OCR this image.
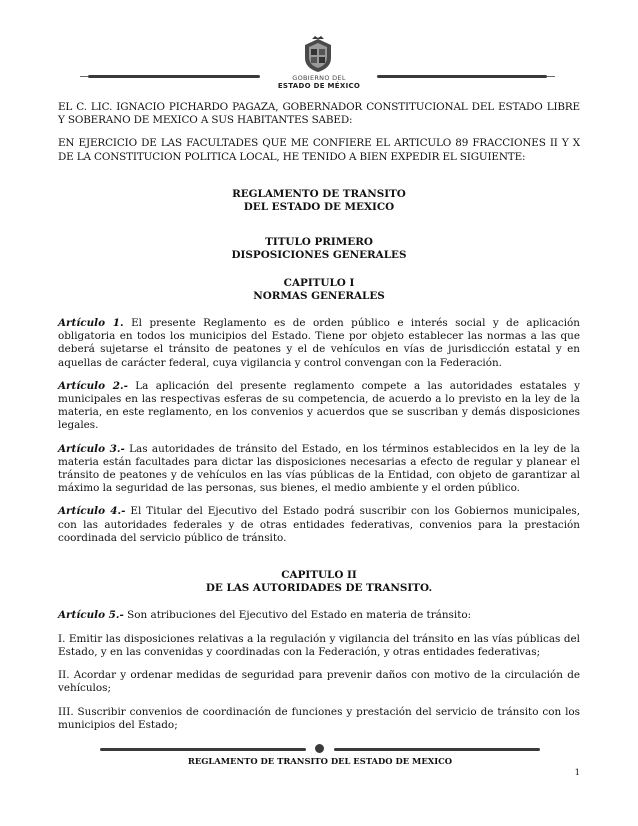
GOBIERNO DEL
ESTADO DE MÉXICO

EL C. LIC. IGNACIO PICHARDO PAGAZA, GOBERNADOR CONSTITUCIONAL DEL ESTADO LIBRE Y SOBERANO DE MEXICO A SUS HABITANTES SABED:

EN EJERCICIO DE LAS FACULTADES QUE ME CONFIERE EL ARTICULO 89 FRACCIONES II Y X DE LA CONSTITUCION POLITICA LOCAL, HE TENIDO A BIEN EXPEDIR EL SIGUIENTE:

REGLAMENTO DE TRANSITO

DEL ESTADO DE MEXICO

TITULO PRIMERO

DISPOSICIONES GENERALES

CAPITULO I

NORMAS GENERALES

Artículo 1. El presente Reglamento es de orden público e interés social y de aplicación obligatoria en todos los municipios del Estado. Tiene por objeto establecer las normas a las que deberá sujetarse el tránsito de peatones y el de vehículos en vías de jurisdicción estatal y en aquellas de carácter federal, cuya vigilancia y control convengan con la Federación.

Artículo 2.- La aplicación del presente reglamento compete a las autoridades estatales y municipales en las respectivas esferas de su competencia, de acuerdo a lo previsto en la ley de la materia, en este reglamento, en los convenios y acuerdos que se suscriban y demás disposiciones legales.

Artículo 3.- Las autoridades de tránsito del Estado, en los términos establecidos en la ley de la materia están facultades para dictar las disposiciones necesarias a efecto de regular y planear el tránsito de peatones y de vehículos en las vías públicas de la Entidad, con objeto de garantizar al máximo la seguridad de las personas, sus bienes, el medio ambiente y el orden público.

Artículo 4.- El Titular del Ejecutivo del Estado podrá suscribir con los Gobiernos municipales, con las autoridades federales y de otras entidades federativas, convenios para la prestación coordinada del servicio público de tránsito.

CAPITULO II

DE LAS AUTORIDADES DE TRANSITO.

Artículo 5.- Son atribuciones del Ejecutivo del Estado en materia de tránsito:

I. Emitir las disposiciones relativas a la regulación y vigilancia del tránsito en las vías públicas del Estado, y en las convenidas y coordinadas con la Federación, y otras entidades federativas;

II. Acordar y ordenar medidas de seguridad para prevenir daños con motivo de la circulación de vehículos;

III. Suscribir convenios de coordinación de funciones y prestación del servicio de tránsito con los municipios del Estado;

REGLAMENTO DE TRANSITO DEL ESTADO DE MEXICO
1
